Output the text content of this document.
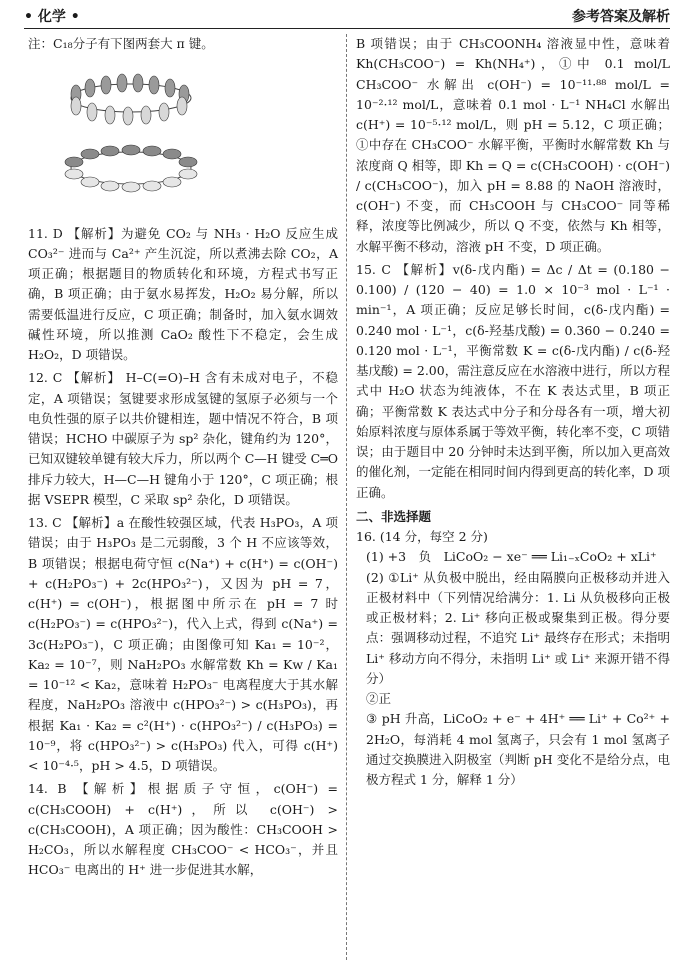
• 化学 •	参考答案及解析

注：C₁₈分子有下图两套大 π 键。

11. D 【解析】为避免 CO₂ 与 NH₃ · H₂O 反应生成 CO₃²⁻ 进而与 Ca²⁺ 产生沉淀，所以煮沸去除 CO₂，A 项正确；根据题目的物质转化和环境，方程式书写正确，B 项正确；由于氨水易挥发，H₂O₂ 易分解，所以需要低温进行反应，C 项正确；制备时，加入氨水调效碱性环境，所以推测 CaO₂ 酸性下不稳定，会生成 H₂O₂，D 项错误。

12. C 【解析】 H–C(=O)–H 含有未成对电子，不稳定，A 项错误；氢键要求形成氢键的氢原子必须与一个电负性强的原子以共价键相连，题中情况不符合，B 项错误；HCHO 中碳原子为 sp² 杂化，键角约为 120°，已知双键较单键有较大斥力，所以两个 C—H 键受 C═O 排斥力较大，H—C—H 键角小于 120°，C 项正确；根据 VSEPR 模型，C 采取 sp² 杂化，D 项错误。

13. C 【解析】a 在酸性较强区域，代表 H₃PO₃，A 项错误；由于 H₃PO₃ 是二元弱酸，3 个 H 不应该等效，B 项错误；根据电荷守恒 c(Na⁺) + c(H⁺) = c(OH⁻) + c(H₂PO₃⁻) + 2c(HPO₃²⁻)，又因为 pH = 7，c(H⁺) = c(OH⁻)，根据图中所示在 pH = 7 时 c(H₂PO₃⁻) = c(HPO₃²⁻)，代入上式，得到 c(Na⁺) = 3c(H₂PO₃⁻)，C 项正确；由图像可知 Ka₁ = 10⁻²，Ka₂ = 10⁻⁷，则 NaH₂PO₃ 水解常数 Kh = Kw / Ka₁ = 10⁻¹² < Ka₂，意味着 H₂PO₃⁻ 电离程度大于其水解程度，NaH₂PO₃ 溶液中 c(HPO₃²⁻) > c(H₃PO₃)，再根据 Ka₁ · Ka₂ = c²(H⁺) · c(HPO₃²⁻) / c(H₃PO₃) = 10⁻⁹，将 c(HPO₃²⁻) > c(H₃PO₃) 代入，可得 c(H⁺) < 10⁻⁴·⁵，pH > 4.5，D 项错误。

14. B 【解析】根据质子守恒，c(OH⁻) = c(CH₃COOH) + c(H⁺)，所以 c(OH⁻) > c(CH₃COOH)，A 项正确；因为酸性：CH₃COOH > H₂CO₃，所以水解程度 CH₃COO⁻ < HCO₃⁻，并且 HCO₃⁻ 电离出的 H⁺ 进一步促进其水解，

B 项错误；由于 CH₃COONH₄ 溶液显中性，意味着 Kh(CH₃COO⁻) = Kh(NH₄⁺)，①中 0.1 mol/L CH₃COO⁻ 水解出 c(OH⁻) = 10⁻¹¹·⁸⁸ mol/L = 10⁻²·¹² mol/L，意味着 0.1 mol · L⁻¹ NH₄Cl 水解出 c(H⁺) = 10⁻⁵·¹² mol/L，则 pH = 5.12，C 项正确；①中存在 CH₃COO⁻ 水解平衡，平衡时水解常数 Kh 与浓度商 Q 相等，即 Kh = Q = c(CH₃COOH) · c(OH⁻) / c(CH₃COO⁻)，加入 pH = 8.88 的 NaOH 溶液时，c(OH⁻) 不变，而 CH₃COOH 与 CH₃COO⁻ 同等稀释，浓度等比例减少，所以 Q 不变，依然与 Kh 相等，水解平衡不移动，溶液 pH 不变，D 项正确。

15. C 【解析】v(δ-戊内酯) = Δc / Δt = (0.180 − 0.100) / (120 − 40) = 1.0 × 10⁻³ mol · L⁻¹ · min⁻¹，A 项正确；反应足够长时间，c(δ-戊内酯) = 0.240 mol · L⁻¹，c(δ-羟基戊酸) = 0.360 − 0.240 = 0.120 mol · L⁻¹，平衡常数 K = c(δ-戊内酯) / c(δ-羟基戊酸) = 2.00，需注意反应在水溶液中进行，所以方程式中 H₂O 状态为纯液体，不在 K 表达式里，B 项正确；平衡常数 K 表达式中分子和分母各有一项，增大初始原料浓度与原体系属于等效平衡，转化率不变，C 项错误；由于题目中 20 分钟时未达到平衡，所以加入更高效的催化剂，一定能在相同时间内得到更高的转化率，D 项正确。

二、非选择题

16. (14 分，每空 2 分)

(1) +3　负　LiCoO₂ − xe⁻ ══ Li₁₋ₓCoO₂ + xLi⁺

(2) ①Li⁺ 从负极中脱出，经由隔膜向正极移动并进入正极材料中（下列情况给满分：1. Li 从负极移向正极或正极材料；2. Li⁺ 移向正极或聚集到正极。得分要点：强调移动过程，不追究 Li⁺ 最终存在形式；未指明 Li⁺ 移动方向不得分，未指明 Li⁺ 或 Li⁺ 来源开错不得分）

②正

③ pH 升高，LiCoO₂ + e⁻ + 4H⁺ ══ Li⁺ + Co²⁺ + 2H₂O，每消耗 4 mol 氢离子，只会有 1 mol 氢离子通过交换膜进入阴极室（判断 pH 变化不是给分点，电极方程式 1 分，解释 1 分）
